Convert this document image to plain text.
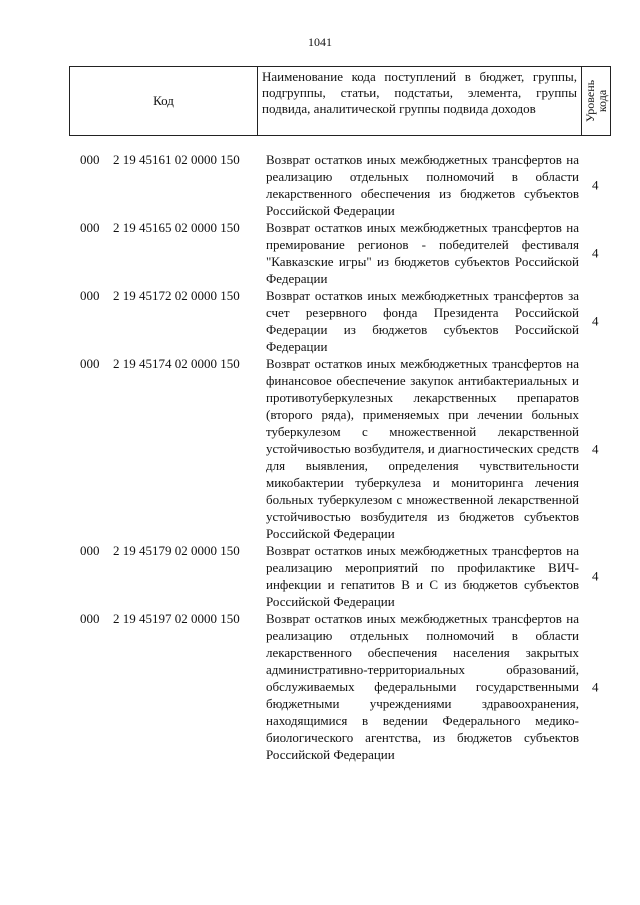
1041
Код
Наименование кода поступлений в бюджет, группы, подгруппы, статьи, подстатьи, элемента, группы подвида, аналитической группы подвида доходов	Уровень
кода
000 2 19 45161 02 0000 150 Возврат остатков иных межбюджетных трансфертов на реализацию отдельных полномочий в области лекарственного обеспечения из бюджетов субъектов Российской Федерации
4
000 2 19 45165 02 0000 150 Возврат остатков иных межбюджетных трансфертов на премирование регионов - победителей фестиваля "Кавказские игры" из бюджетов субъектов Российской Федерации
4
000 2 19 45172 02 0000 150 Возврат остатков иных межбюджетных трансфертов за счет резервного фонда Президента Российской Федерации из бюджетов субъектов Российской Федерации
4
000 2 19 45174 02 0000 150 Возврат остатков иных межбюджетных трансфертов на финансовое обеспечение закупок антибактериальных и противотуберкулезных лекарственных препаратов (второго ряда), применяемых при лечении больных туберкулезом с множественной лекарственной устойчивостью возбудителя, и диагностических средств для выявления, определения чувствительности микобактерии туберкулеза и мониторинга лечения больных туберкулезом с множественной лекарственной устойчивостью возбудителя из бюджетов субъектов Российской Федерации
4
000 2 19 45179 02 0000 150 Возврат остатков иных межбюджетных трансфертов на реализацию мероприятий по профилактике ВИЧ-инфекции и гепатитов B и C из бюджетов субъектов Российской Федерации
4
000 2 19 45197 02 0000 150 Возврат остатков иных межбюджетных трансфертов на реализацию отдельных полномочий в области лекарственного обеспечения населения закрытых административно-территориальных образований, обслуживаемых федеральными государственными бюджетными учреждениями здравоохранения, находящимися в ведении Федерального медико-биологического агентства, из бюджетов субъектов Российской Федерации
4
